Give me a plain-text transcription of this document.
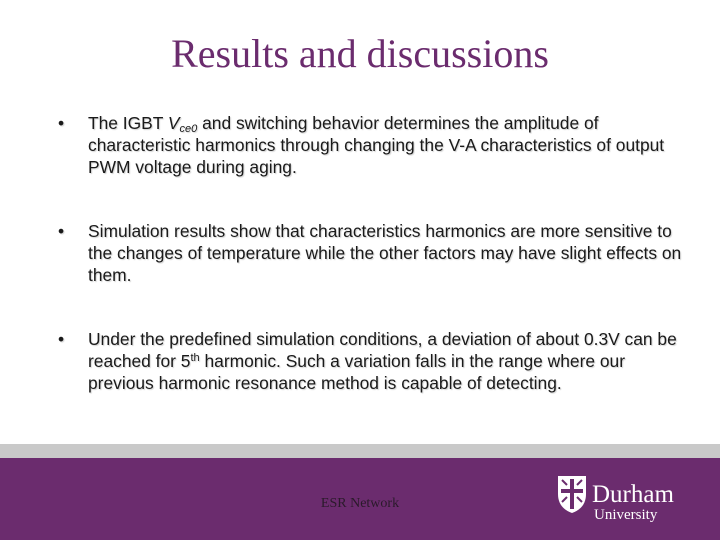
Results and discussions
• The IGBT $V_{ce0}$ and switching behavior determines the amplitude of characteristic harmonics through changing the V-A characteristics of output PWM voltage during aging.
• Simulation results show that characteristics harmonics are more sensitive to the changes of temperature while the other factors may have slight effects on them.
• Under the predefined simulation conditions, a deviation of about 0.3V can be reached for 5th harmonic. Such a variation falls in the range where our previous harmonic resonance method is capable of detecting.
ESR Network	Durham
University
